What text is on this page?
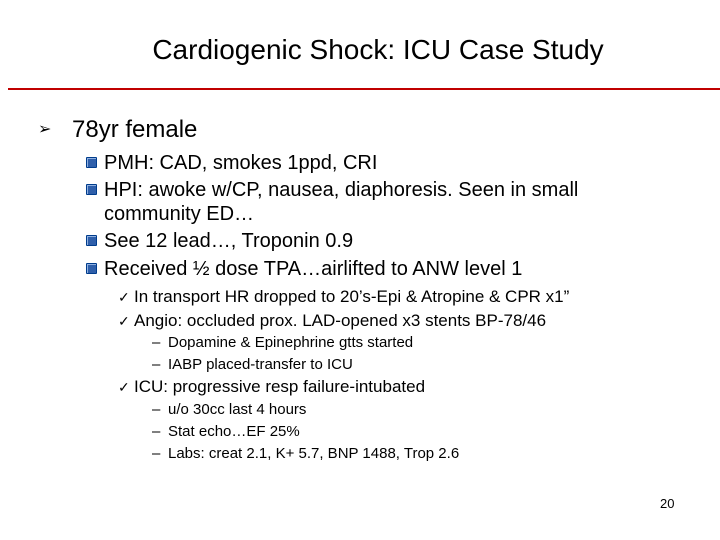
Cardiogenic Shock: ICU Case Study
➢ 78yr female
PMH: CAD, smokes 1ppd, CRI
HPI: awoke w/CP, nausea, diaphoresis. Seen in small
community ED…
See 12 lead…, Troponin 0.9
Received ½ dose TPA…airlifted to ANW level 1
✓ In transport HR dropped to 20’s-Epi & Atropine & CPR x1”
✓ Angio: occluded prox. LAD-opened x3 stents BP-78/46
– Dopamine & Epinephrine gtts started
– IABP placed-transfer to ICU
✓ ICU: progressive resp failure-intubated
– u/o 30cc last 4 hours
– Stat echo…EF 25%
– Labs: creat 2.1, K+ 5.7, BNP 1488, Trop 2.6
20
